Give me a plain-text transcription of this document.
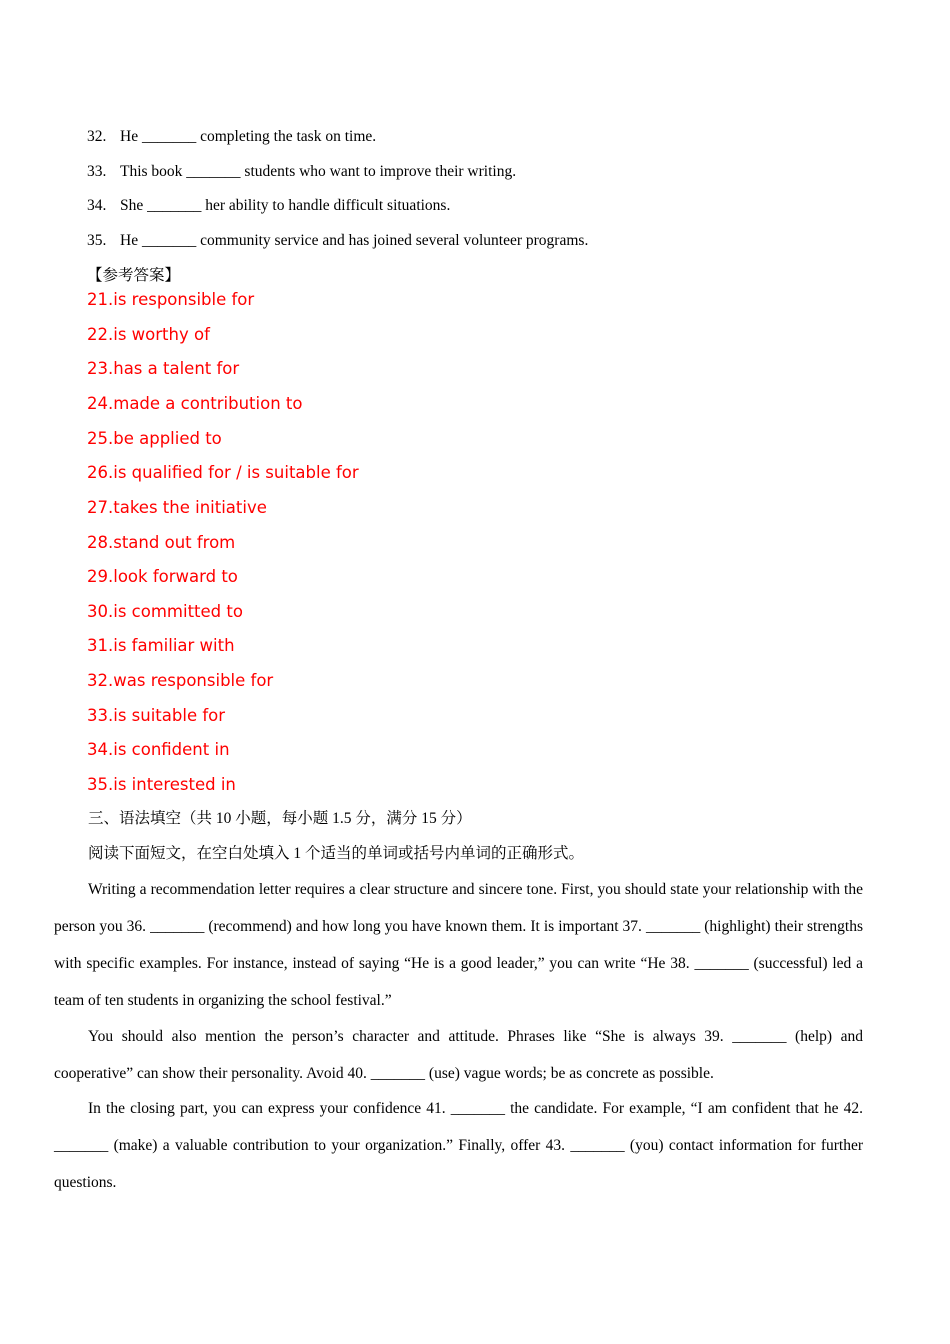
32. He _______ completing the task on time.
33. This book _______ students who want to improve their writing.
34. She _______ her ability to handle difficult situations.
35. He _______ community service and has joined several volunteer programs.
【参考答案】
21.is responsible for
22.is worthy of
23.has a talent for
24.made a contribution to
25.be applied to
26.is qualified for / is suitable for
27.takes the initiative
28.stand out from
29.look forward to
30.is committed to
31.is familiar with
32.was responsible for
33.is suitable for
34.is confident in
35.is interested in
三、语法填空（共 10 小题，每小题 1.5 分，满分 15 分）
阅读下面短文，在空白处填入 1 个适当的单词或括号内单词的正确形式。

Writing a recommendation letter requires a clear structure and sincere tone. First, you should state your relationship with the person you 36. _______ (recommend) and how long you have known them. It is important 37. _______ (highlight) their strengths with specific examples. For instance, instead of saying “He is a good leader,” you can write “He 38. _______ (successful) led a team of ten students in organizing the school festival.”

You should also mention the person’s character and attitude. Phrases like “She is always 39. _______ (help) and cooperative” can show their personality. Avoid 40. _______ (use) vague words; be as concrete as possible.

In the closing part, you can express your confidence 41. _______ the candidate. For example, “I am confident that he 42. _______ (make) a valuable contribution to your organization.” Finally, offer 43. _______ (you) contact information for further questions.
